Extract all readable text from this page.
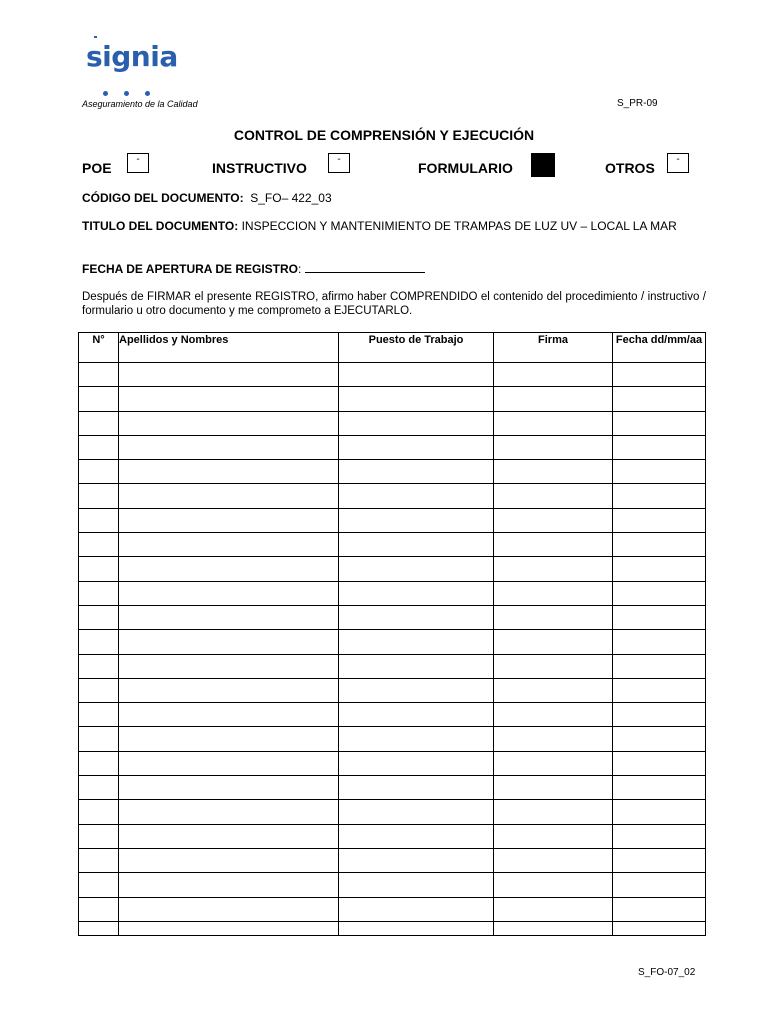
signia
Aseguramiento de la Calidad	S_PR-09
CONTROL DE COMPRENSIÓN Y EJECUCIÓN
POE
-
INSTRUCTIVO
-
FORMULARIO	OTROS
-
CÓDIGO DEL DOCUMENTO: S_FO– 422_03
TITULO DEL DOCUMENTO: INSPECCION Y MANTENIMIENTO DE TRAMPAS DE LUZ UV – LOCAL LA MAR
FECHA DE APERTURA DE REGISTRO:
Después de FIRMAR el presente REGISTRO, afirmo haber COMPRENDIDO el contenido del procedimiento / instructivo / formulario u otro documento y me comprometo a EJECUTARLO.
N°	Apellidos y Nombres	Puesto de Trabajo	Firma	Fecha dd/mm/aa

S_FO-07_02
